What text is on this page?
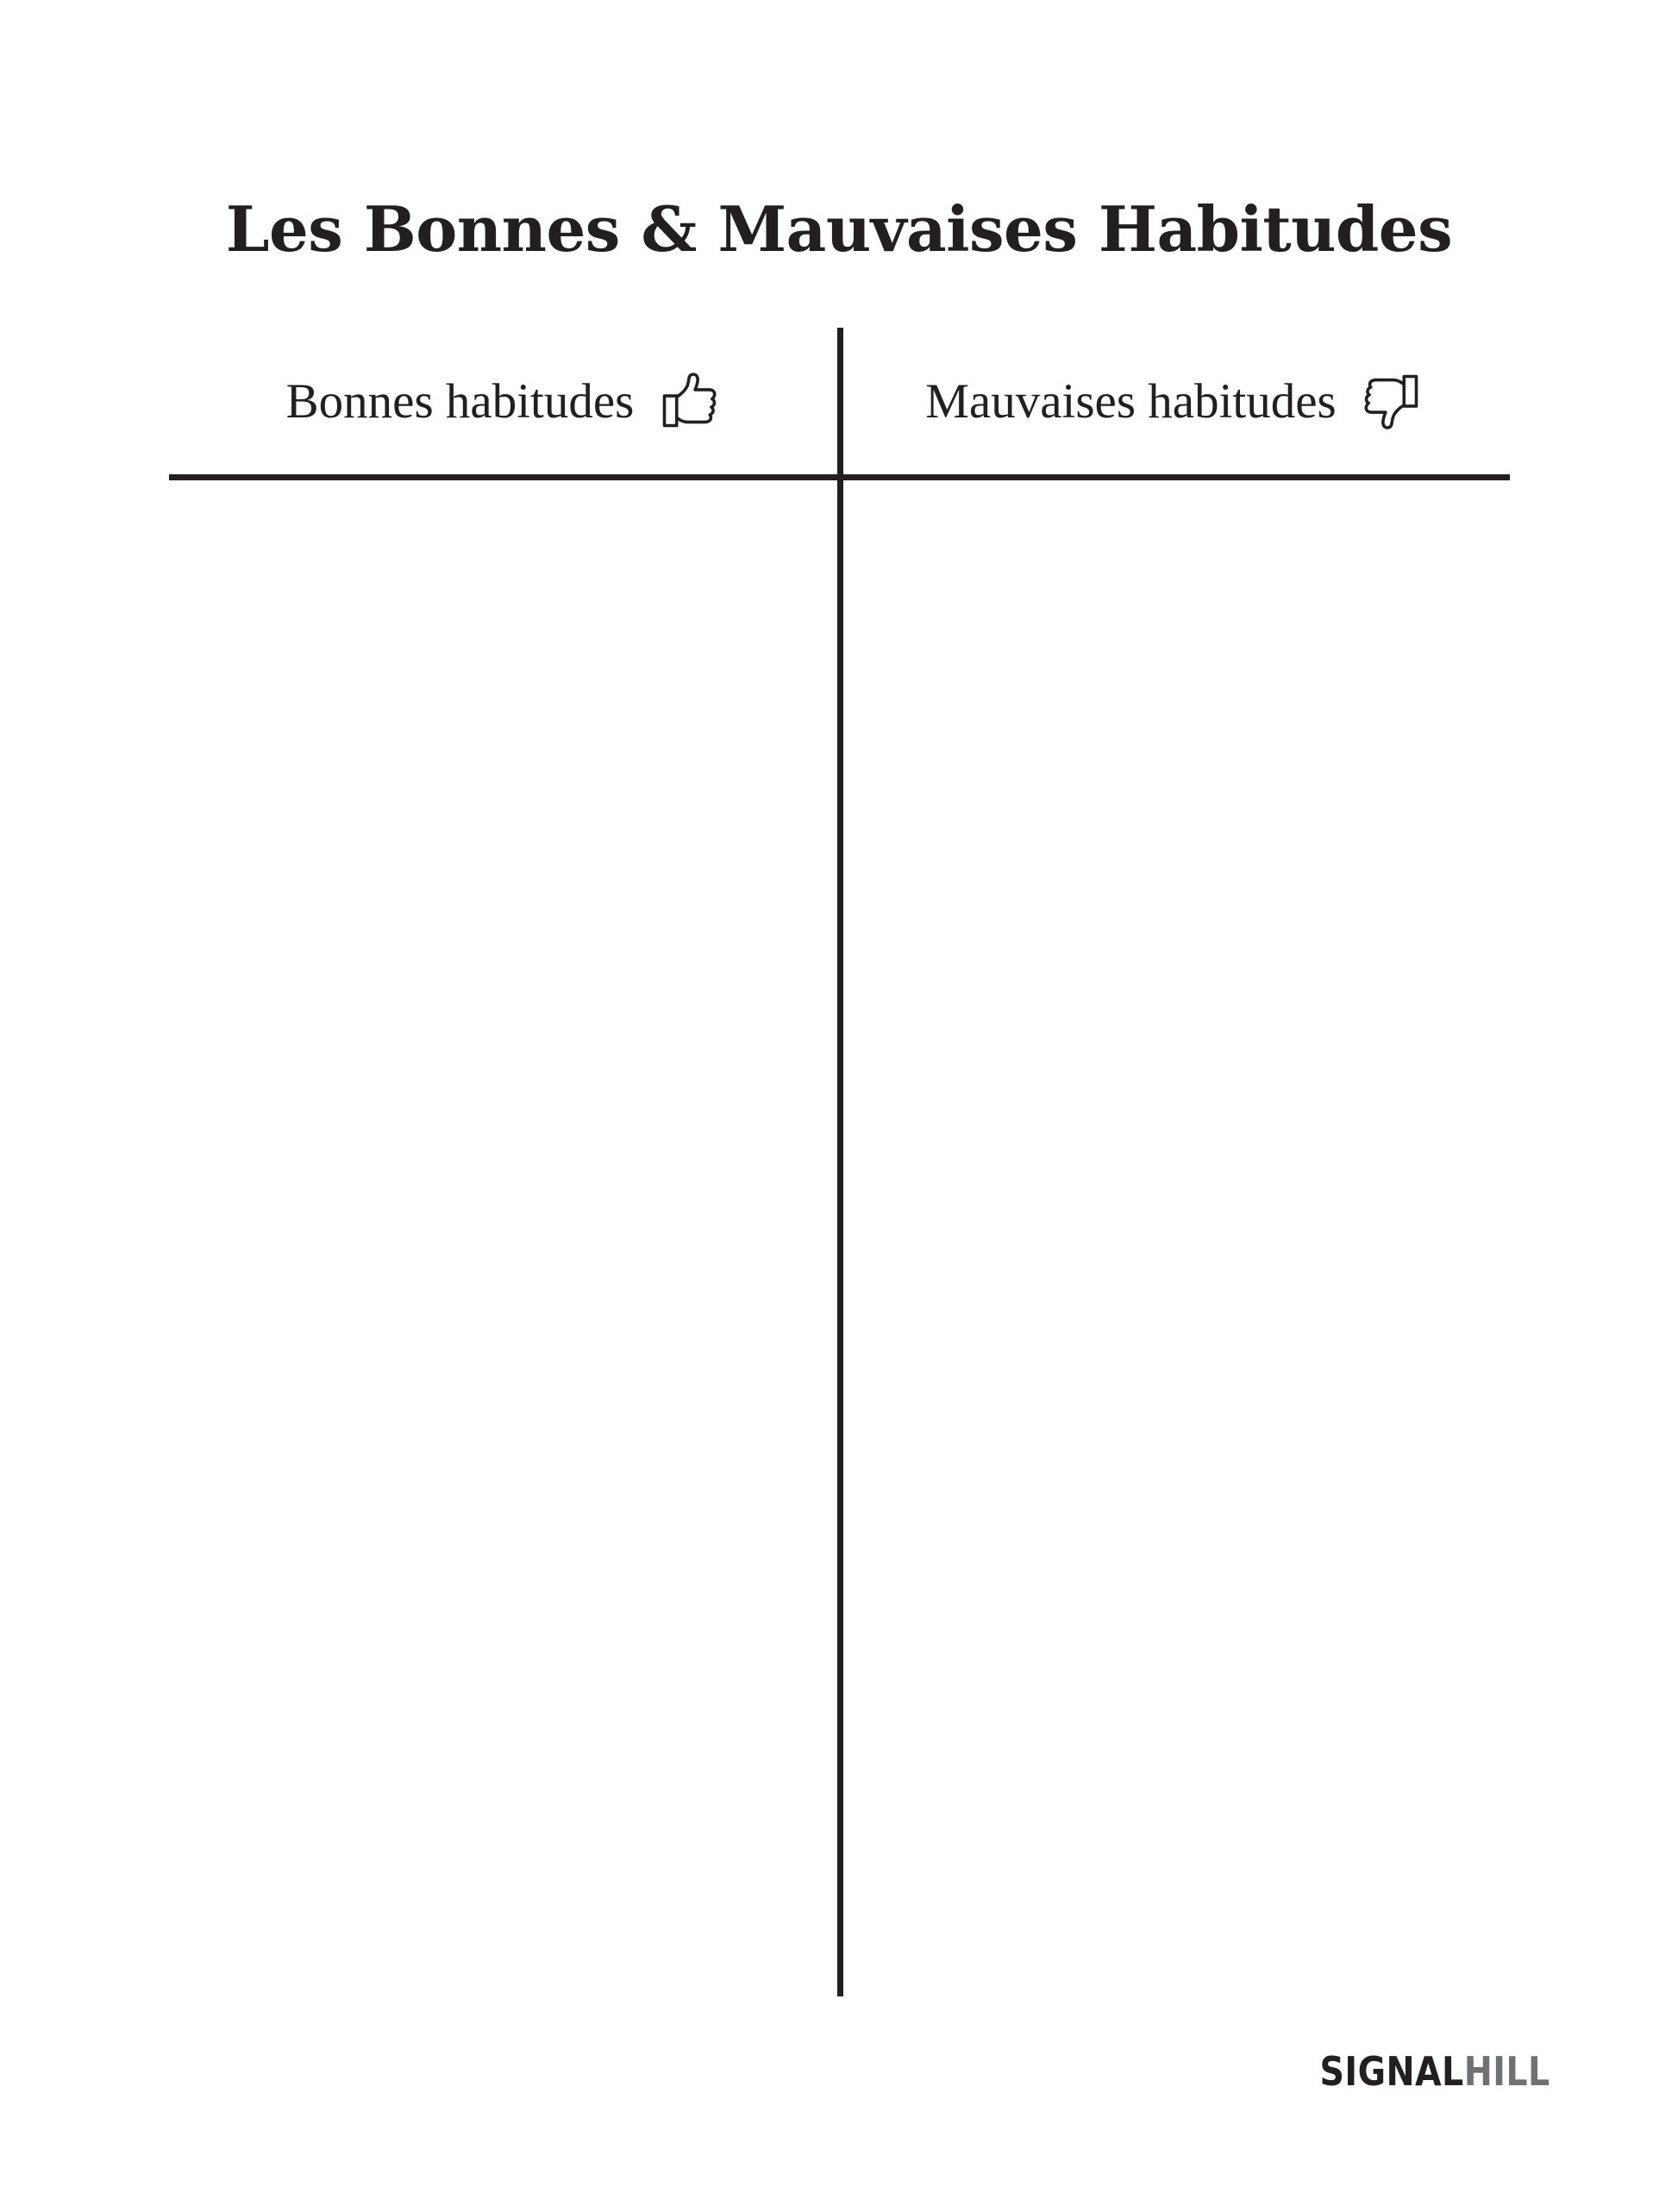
Les Bonnes & Mauvaises Habitudes
Bonnes habitudes	Mauvaises habitudes
SIGNAL HILL
